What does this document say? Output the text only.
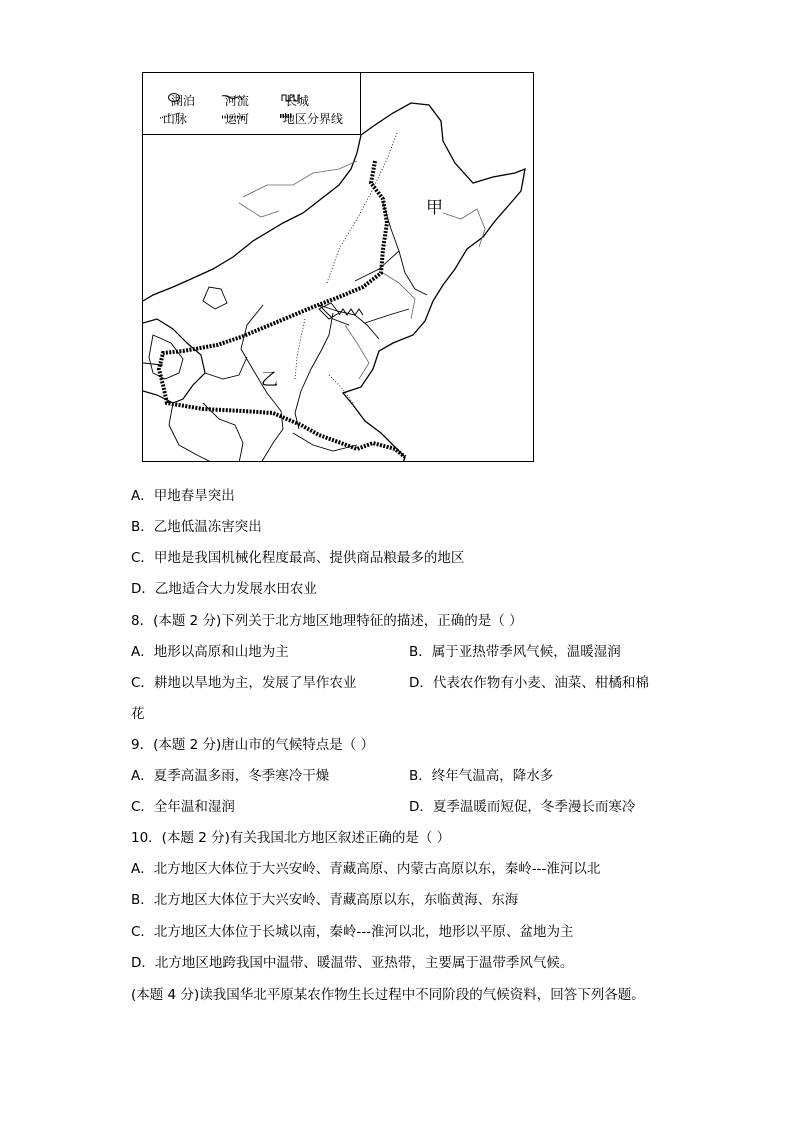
湖泊	河流	长城
山脉	运河	地区分界线
甲
乙
A．甲地春旱突出
B．乙地低温冻害突出
C．甲地是我国机械化程度最高、提供商品粮最多的地区
D．乙地适合大力发展水田农业
8．(本题 2 分)下列关于北方地区地理特征的描述，正确的是（ ）
A．地形以高原和山地为主	B．属于亚热带季风气候，温暖湿润
C．耕地以旱地为主，发展了旱作农业	D．代表农作物有小麦、油菜、柑橘和棉
花
9．(本题 2 分)唐山市的气候特点是（ ）
A．夏季高温多雨，冬季寒冷干燥	B．终年气温高，降水多
C．全年温和湿润	D．夏季温暖而短促，冬季漫长而寒冷
10．(本题 2 分)有关我国北方地区叙述正确的是（ ）
A．北方地区大体位于大兴安岭、青藏高原、内蒙古高原以东，秦岭---淮河以北
B．北方地区大体位于大兴安岭、青藏高原以东，东临黄海、东海
C．北方地区大体位于长城以南，秦岭---淮河以北，地形以平原、盆地为主
D．北方地区地跨我国中温带、暖温带、亚热带，主要属于温带季风气候。
(本题 4 分)读我国华北平原某农作物生长过程中不同阶段的气候资料，回答下列各题。
